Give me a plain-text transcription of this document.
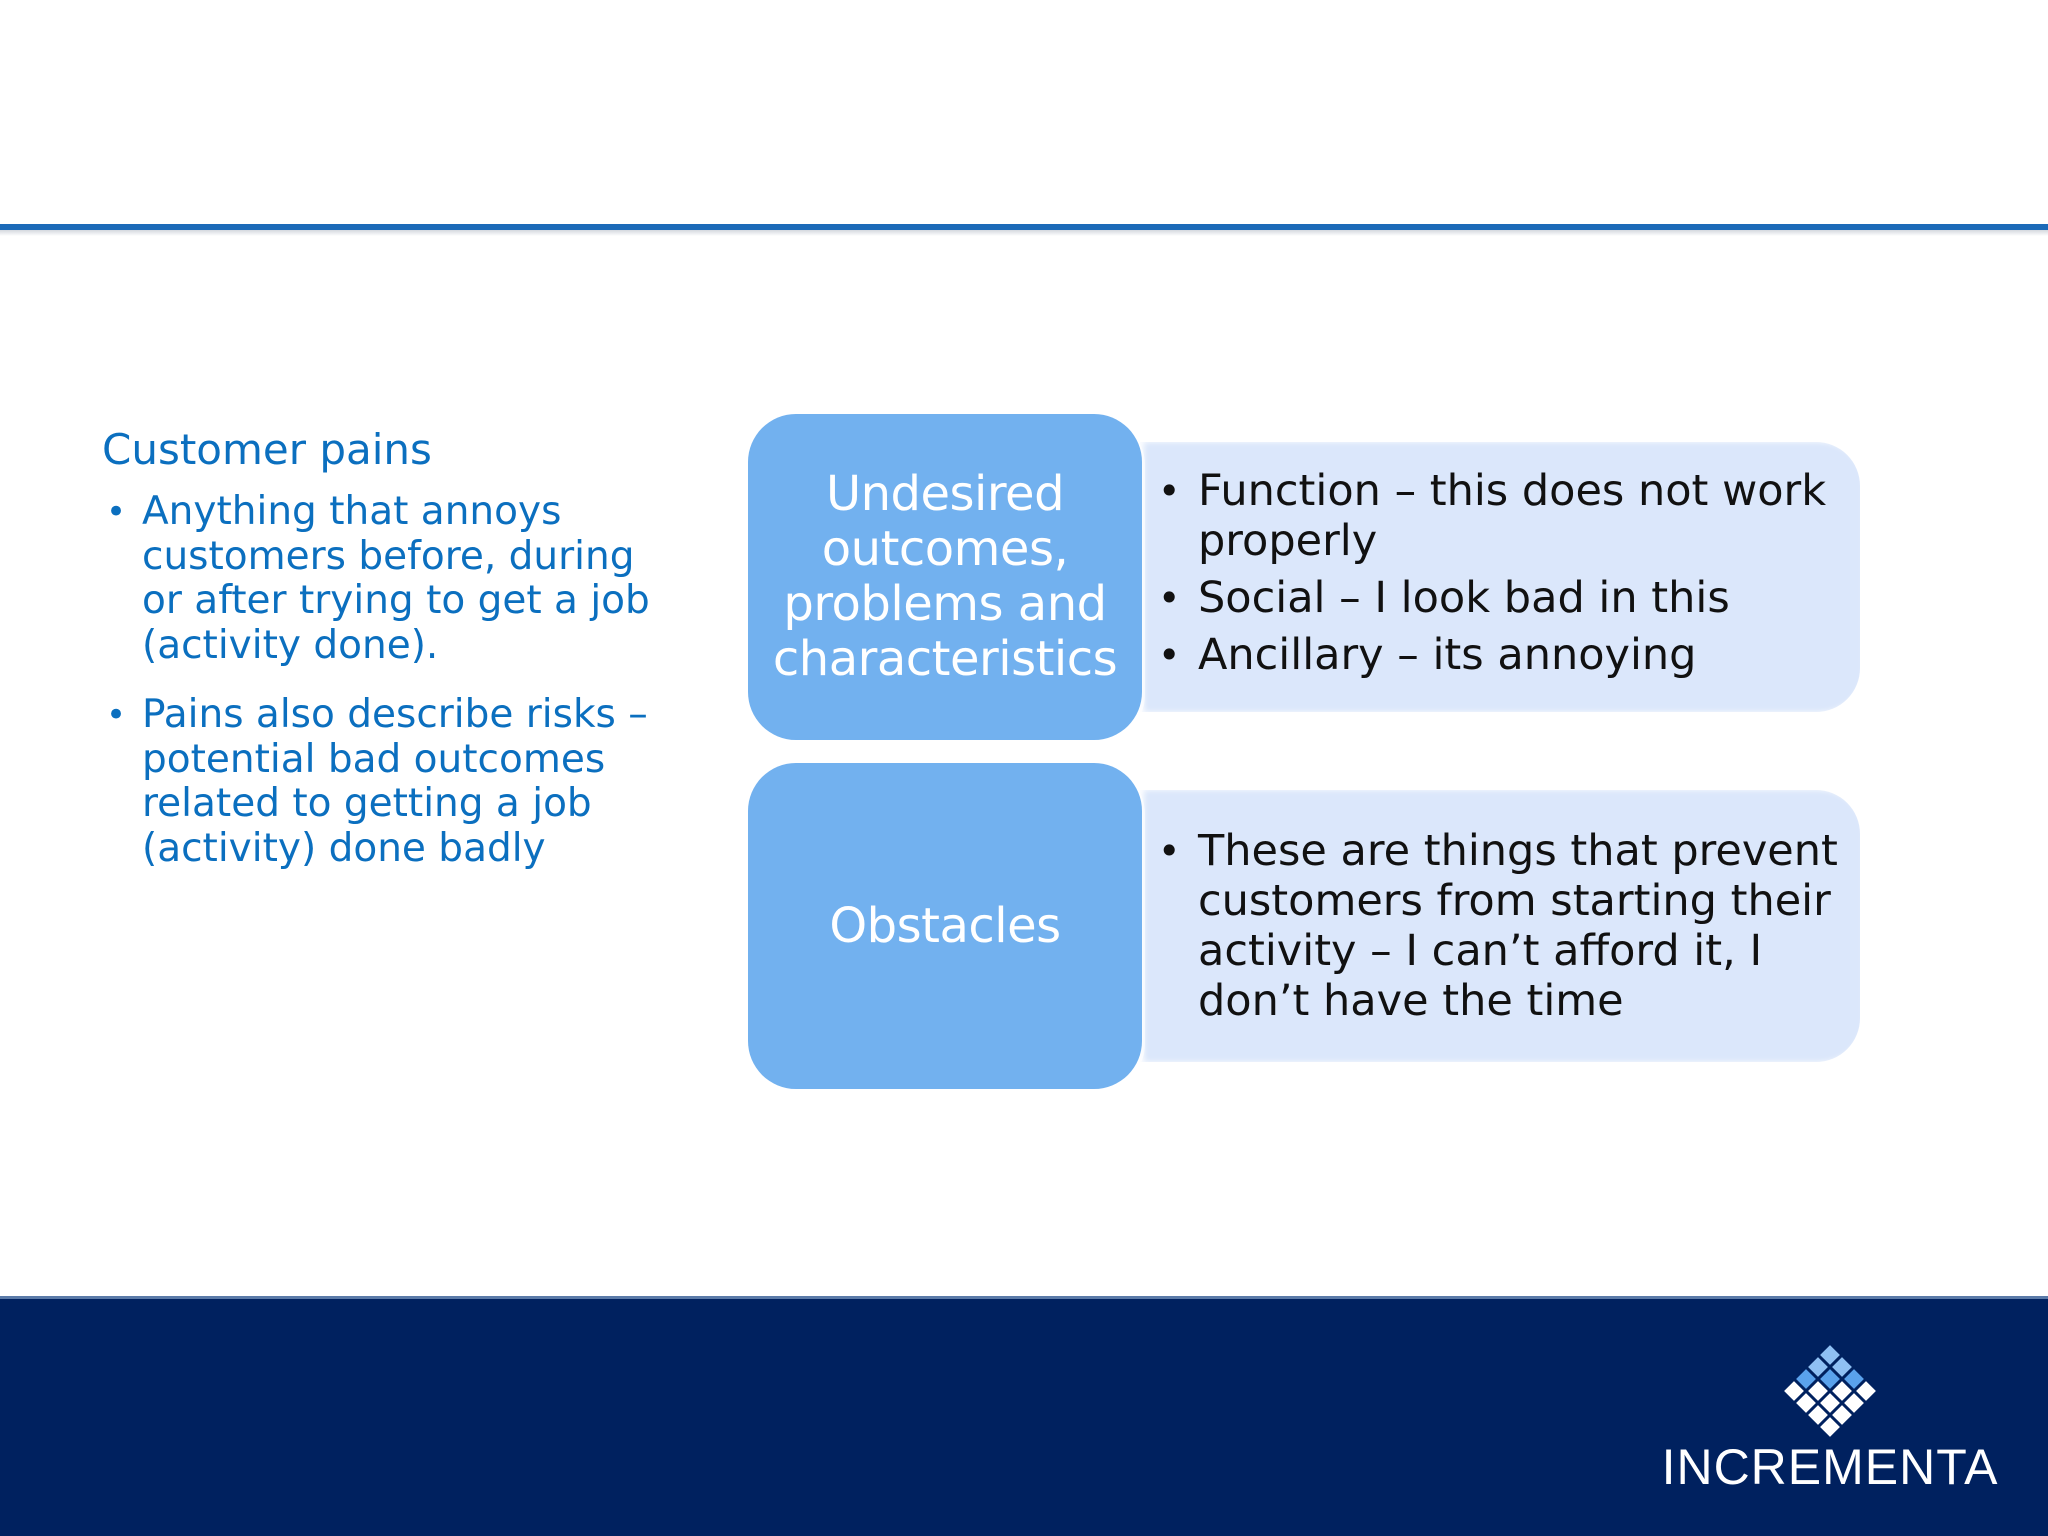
Customer pains
• Anything that annoys customers before, during or after trying to get a job (activity done).
• Pains also describe risks – potential bad outcomes related to getting a job (activity) done badly
• Function – this does not work properly
• Social – I look bad in this
• Ancillary – its annoying
Undesired
outcomes,
problems and
characteristics
• These are things that prevent customers from starting their activity – I can’t afford it, I don’t have the time
Obstacles
INCREMENTA
